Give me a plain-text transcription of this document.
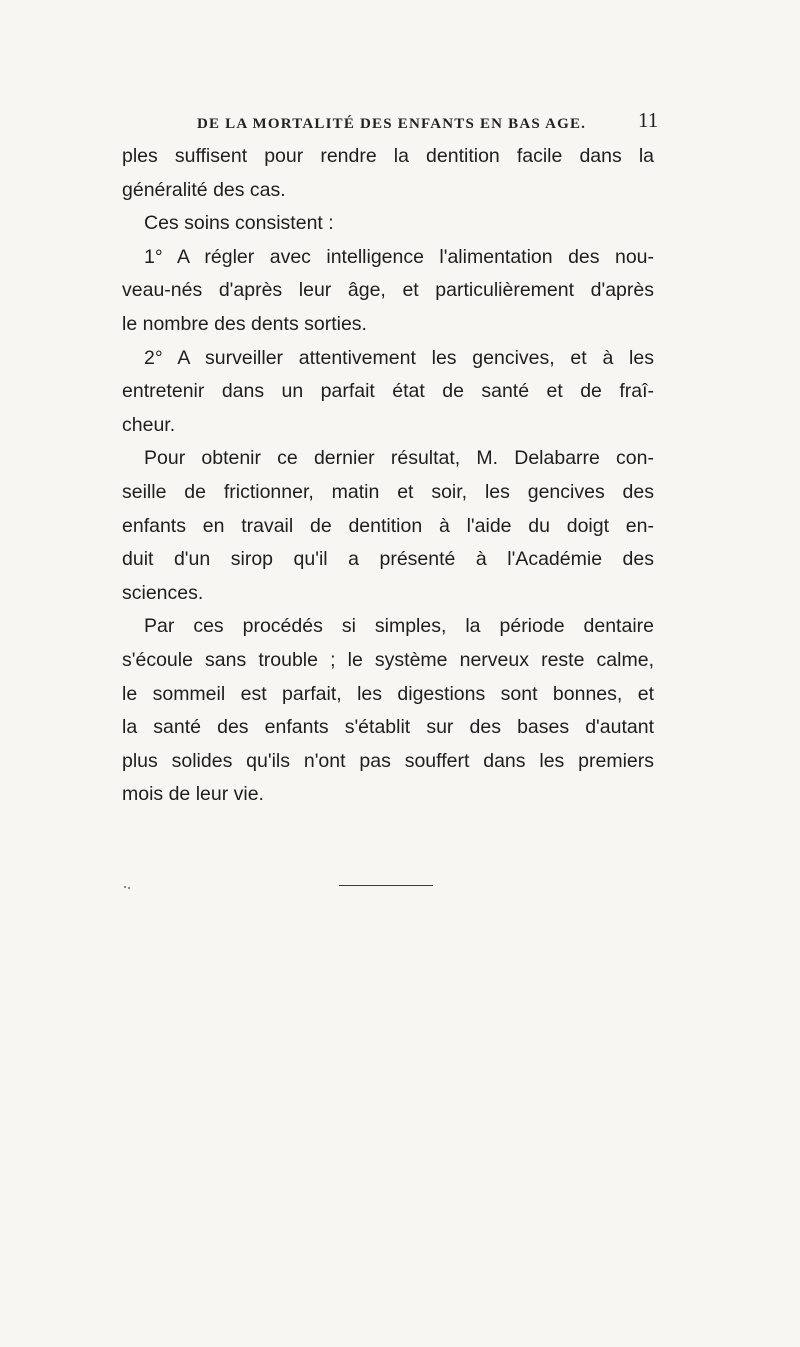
DE LA MORTALITÉ DES ENFANTS EN BAS AGE.	11
ples suffisent pour rendre la dentition facile dans la
généralité des cas.
Ces soins consistent :
1° A régler avec intelligence l'alimentation des nou-
veau-nés d'après leur âge, et particulièrement d'après
le nombre des dents sorties.
2° A surveiller attentivement les gencives, et à les
entretenir dans un parfait état de santé et de fraî-
cheur.
Pour obtenir ce dernier résultat, M. Delabarre con-
seille de frictionner, matin et soir, les gencives des
enfants en travail de dentition à l'aide du doigt en-
duit d'un sirop qu'il a présenté à l'Académie des
sciences.
Par ces procédés si simples, la période dentaire
s'écoule sans trouble ; le système nerveux reste calme,
le sommeil est parfait, les digestions sont bonnes, et
la santé des enfants s'établit sur des bases d'autant
plus solides qu'ils n'ont pas souffert dans les premiers
mois de leur vie.
